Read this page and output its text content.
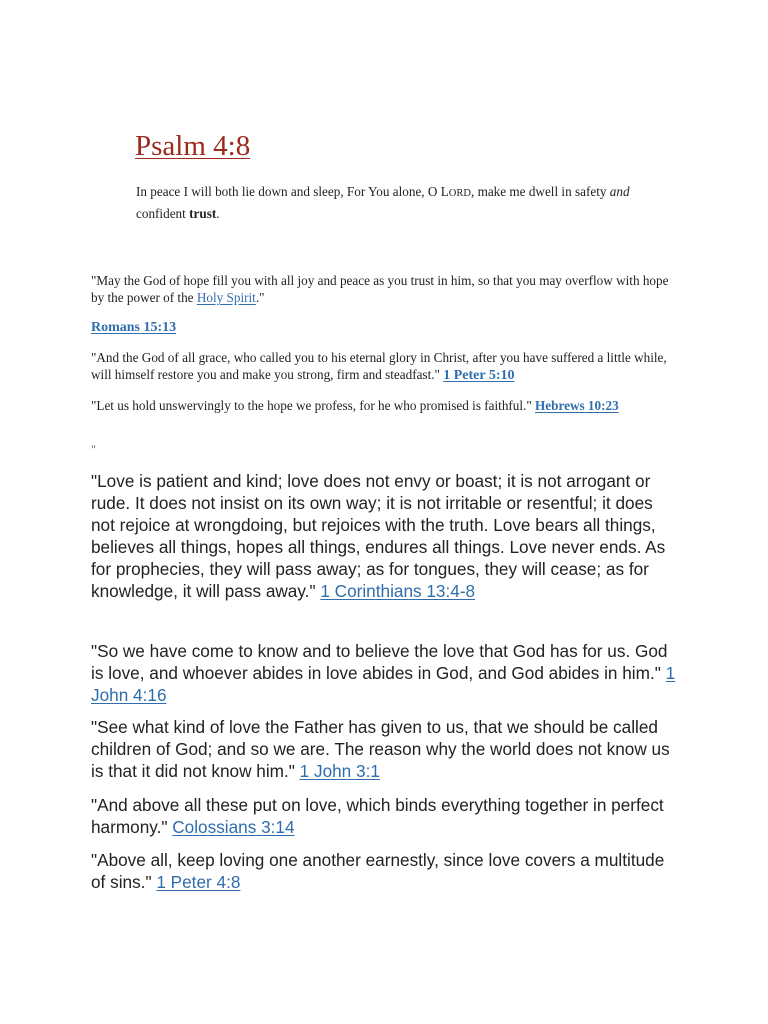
Psalm 4:8

In peace I will both lie down and sleep, For You alone, O LORD, make me dwell in safety and confident trust.

"May the God of hope fill you with all joy and peace as you trust in him, so that you may overflow with hope by the power of the Holy Spirit."

Romans 15:13

"And the God of all grace, who called you to his eternal glory in Christ, after you have suffered a little while, will himself restore you and make you strong, firm and steadfast." 1 Peter 5:10

"Let us hold unswervingly to the hope we profess, for he who promised is faithful." Hebrews 10:23

"

"Love is patient and kind; love does not envy or boast; it is not arrogant or rude. It does not insist on its own way; it is not irritable or resentful; it does not rejoice at wrongdoing, but rejoices with the truth. Love bears all things, believes all things, hopes all things, endures all things. Love never ends. As for prophecies, they will pass away; as for tongues, they will cease; as for knowledge, it will pass away." 1 Corinthians 13:4-8

"So we have come to know and to believe the love that God has for us. God is love, and whoever abides in love abides in God, and God abides in him." 1 John 4:16

"See what kind of love the Father has given to us, that we should be called children of God; and so we are. The reason why the world does not know us is that it did not know him." 1 John 3:1

"And above all these put on love, which binds everything together in perfect harmony." Colossians 3:14

"Above all, keep loving one another earnestly, since love covers a multitude of sins." 1 Peter 4:8
